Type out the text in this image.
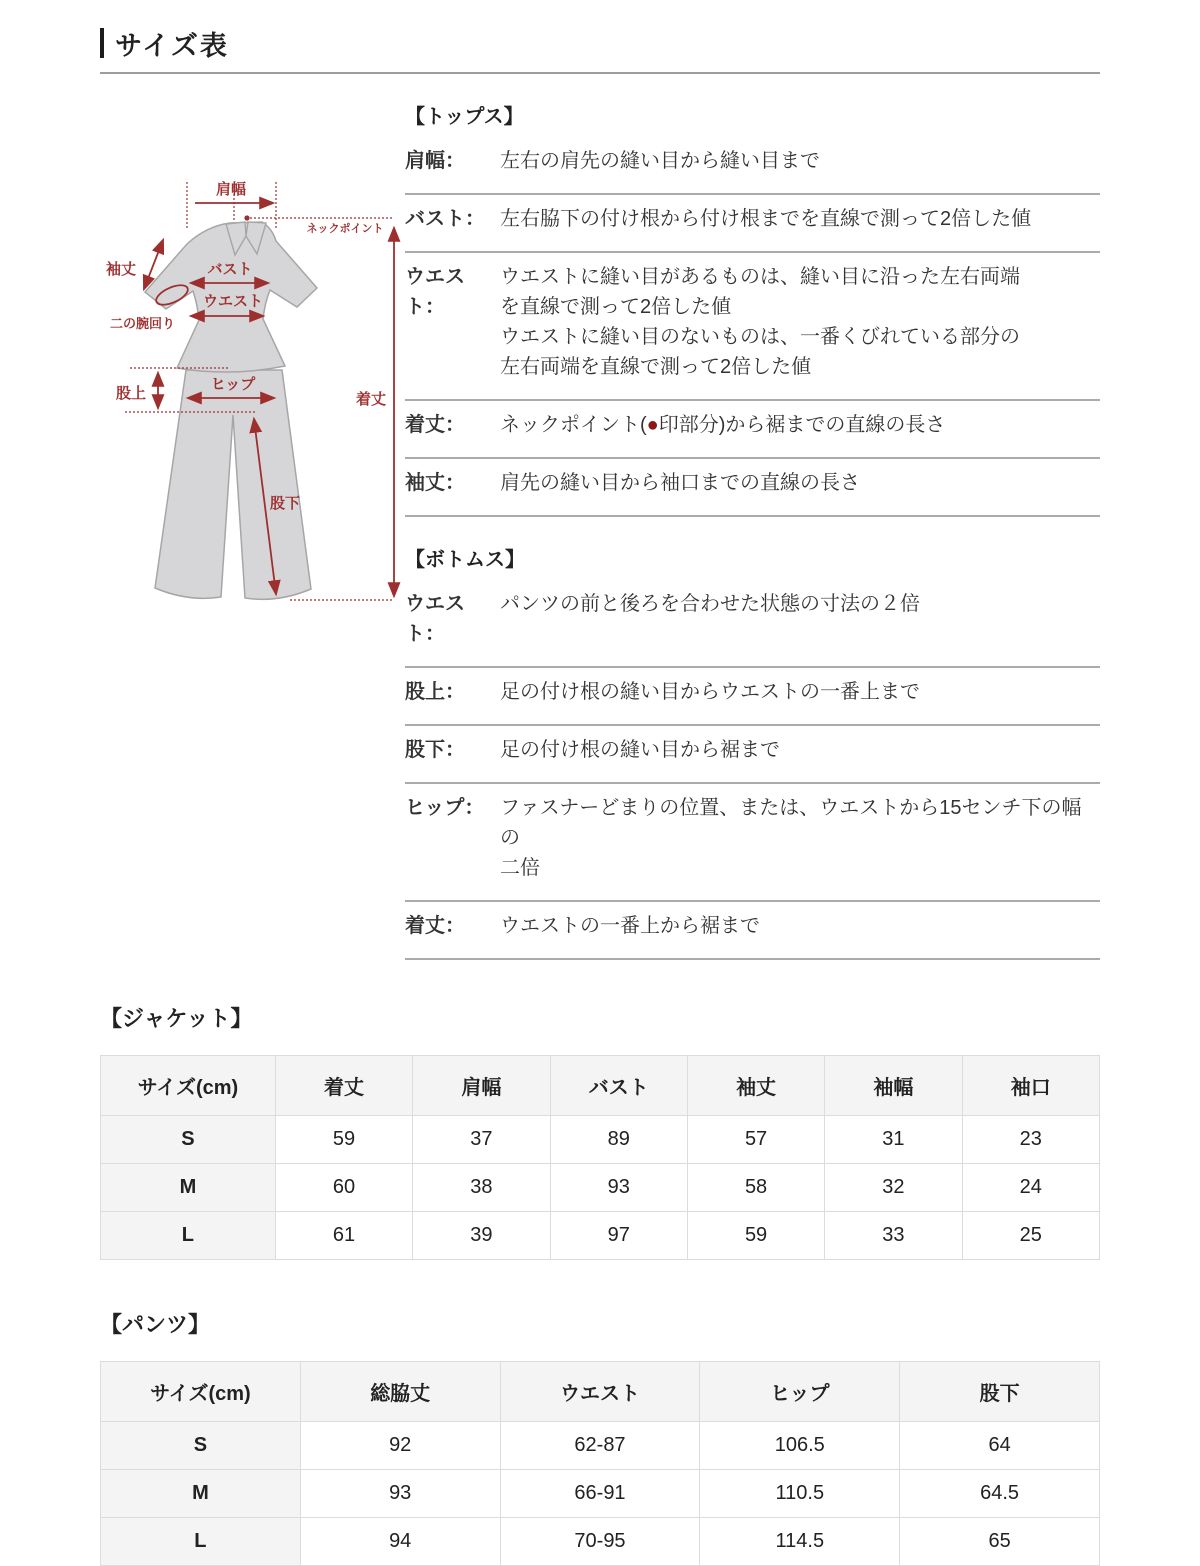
サイズ表
肩幅
ネックポイント
着丈
袖丈	バスト
ウエスト
二の腕回り
股上
ヒップ
股下
【トップス】
肩幅：	左右の肩先の縫い目から縫い目まで
バスト： 左右脇下の付け根から付け根までを直線で測って2倍した値
ウエスト：
ウエストに縫い目があるものは、縫い目に沿った左右両端
を直線で測って2倍した値
ウエストに縫い目のないものは、一番くびれている部分の
左右両端を直線で測って2倍した値
着丈：	ネックポイント(●印部分)から裾までの直線の長さ
袖丈：	肩先の縫い目から袖口までの直線の長さ
【ボトムス】
ウエスト：
パンツの前と後ろを合わせた状態の寸法の２倍
股上：	足の付け根の縫い目からウエストの一番上まで
股下：	足の付け根の縫い目から裾まで
ヒップ： ファスナーどまりの位置、または、ウエストから15センチ下の幅の
二倍
着丈：	ウエストの一番上から裾まで
【ジャケット】
サイズ(cm)	着丈	肩幅	バスト	袖丈	袖幅	袖口
S	59	37	89	57	31	23
M	60	38	93	58	32	24
L	61	39	97	59	33	25
【パンツ】
サイズ(cm)	総脇丈	ウエスト	ヒップ	股下
S	92	62-87	106.5	64
M	93	66-91	110.5	64.5
L	94	70-95	114.5	65
